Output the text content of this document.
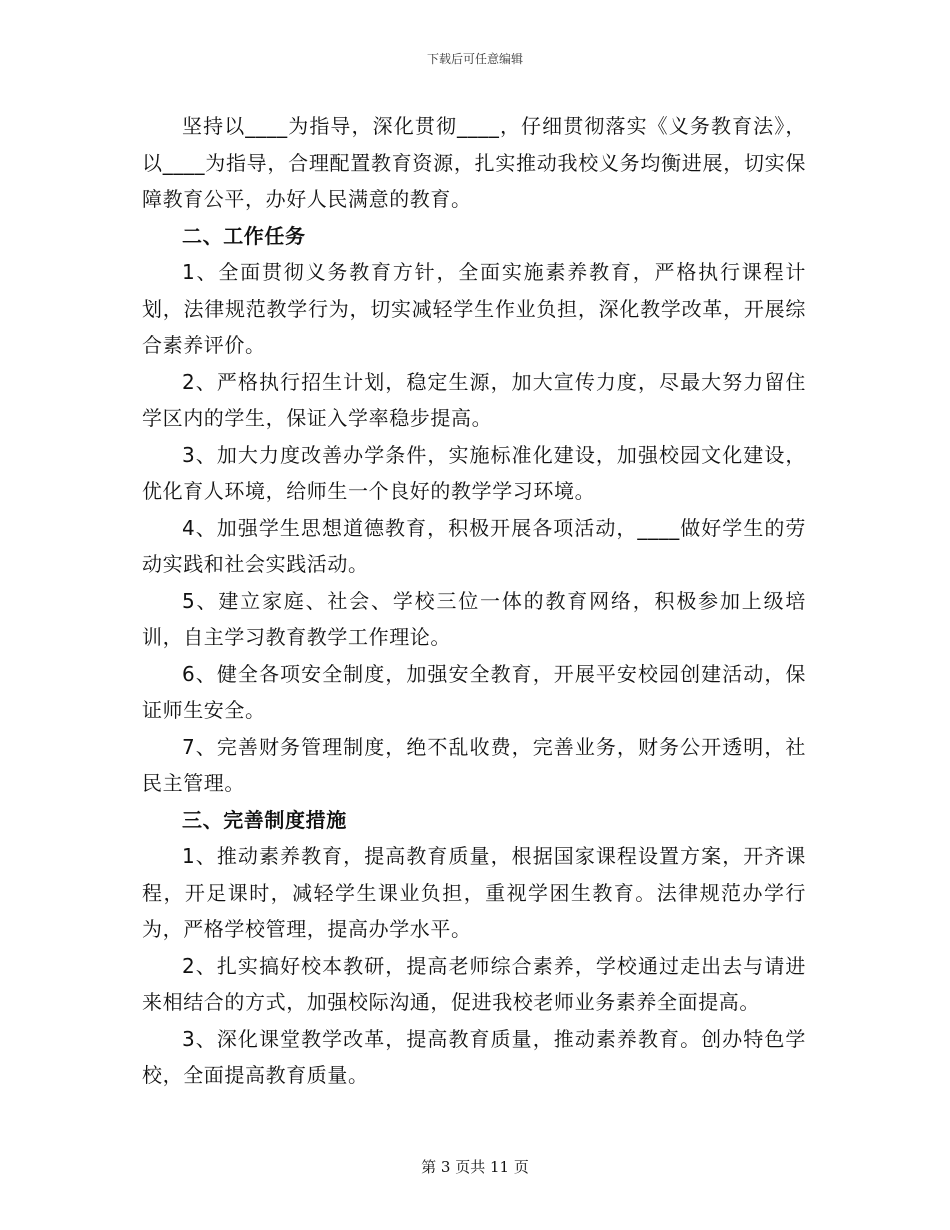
下载后可任意编辑

坚持以____为指导，深化贯彻____，仔细贯彻落实《义务教育法》，以____为指导，合理配置教育资源，扎实推动我校义务均衡进展，切实保障教育公平，办好人民满意的教育。

二、工作任务

1、全面贯彻义务教育方针，全面实施素养教育，严格执行课程计划，法律规范教学行为，切实减轻学生作业负担，深化教学改革，开展综合素养评价。

2、严格执行招生计划，稳定生源，加大宣传力度，尽最大努力留住学区内的学生，保证入学率稳步提高。

3、加大力度改善办学条件，实施标准化建设，加强校园文化建设，优化育人环境，给师生一个良好的教学学习环境。

4、加强学生思想道德教育，积极开展各项活动，____做好学生的劳动实践和社会实践活动。

5、建立家庭、社会、学校三位一体的教育网络，积极参加上级培训，自主学习教育教学工作理论。

6、健全各项安全制度，加强安全教育，开展平安校园创建活动，保证师生安全。

7、完善财务管理制度，绝不乱收费，完善业务，财务公开透明，社民主管理。

三、完善制度措施

1、推动素养教育，提高教育质量，根据国家课程设置方案，开齐课程，开足课时，减轻学生课业负担，重视学困生教育。法律规范办学行为，严格学校管理，提高办学水平。

2、扎实搞好校本教研，提高老师综合素养，学校通过走出去与请进来相结合的方式，加强校际沟通，促进我校老师业务素养全面提高。

3、深化课堂教学改革，提高教育质量，推动素养教育。创办特色学校，全面提高教育质量。

第 3 页共 11 页
